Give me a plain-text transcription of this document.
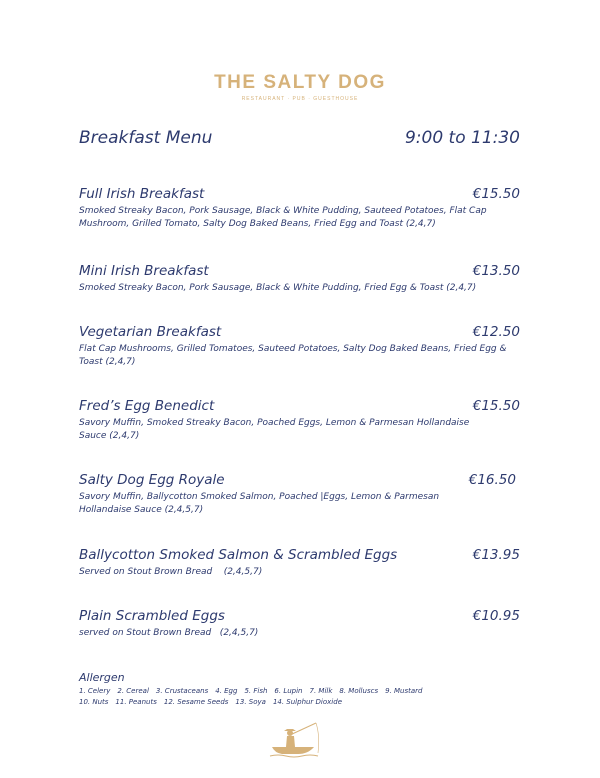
THE SALTY DOG
RESTAURANT · PUB · GUESTHOUSE
Breakfast Menu	9:00 to 11:30
Full Irish Breakfast	€15.50
Smoked Streaky Bacon, Pork Sausage, Black & White Pudding, Sauteed Potatoes, Flat Cap Mushroom, Grilled Tomato, Salty Dog Baked Beans, Fried Egg and Toast (2,4,7)
Mini Irish Breakfast	€13.50
Smoked Streaky Bacon, Pork Sausage, Black & White Pudding, Fried Egg & Toast (2,4,7)
Vegetarian Breakfast	€12.50
Flat Cap Mushrooms, Grilled Tomatoes, Sauteed Potatoes, Salty Dog Baked Beans, Fried Egg & Toast (2,4,7)
Fred’s Egg Benedict	€15.50
Savory Muffin, Smoked Streaky Bacon, Poached Eggs, Lemon & Parmesan Hollandaise Sauce (2,4,7)
Salty Dog Egg Royale	€16.50
Savory Muffin, Ballycotton Smoked Salmon, Poached |Eggs, Lemon & Parmesan Hollandaise Sauce (2,4,5,7)
Ballycotton Smoked Salmon & Scrambled Eggs	€13.95
Served on Stout Brown Bread    (2,4,5,7)
Plain Scrambled Eggs	€10.95
served on Stout Brown Bread   (2,4,5,7)
Allergen
1. Celery 2. Cereal 3. Crustaceans 4. Egg 5. Fish 6. Lupin 7. Milk 8. Molluscs 9. Mustard
10. Nuts 11. Peanuts 12. Sesame Seeds 13. Soya 14. Sulphur Dioxide
